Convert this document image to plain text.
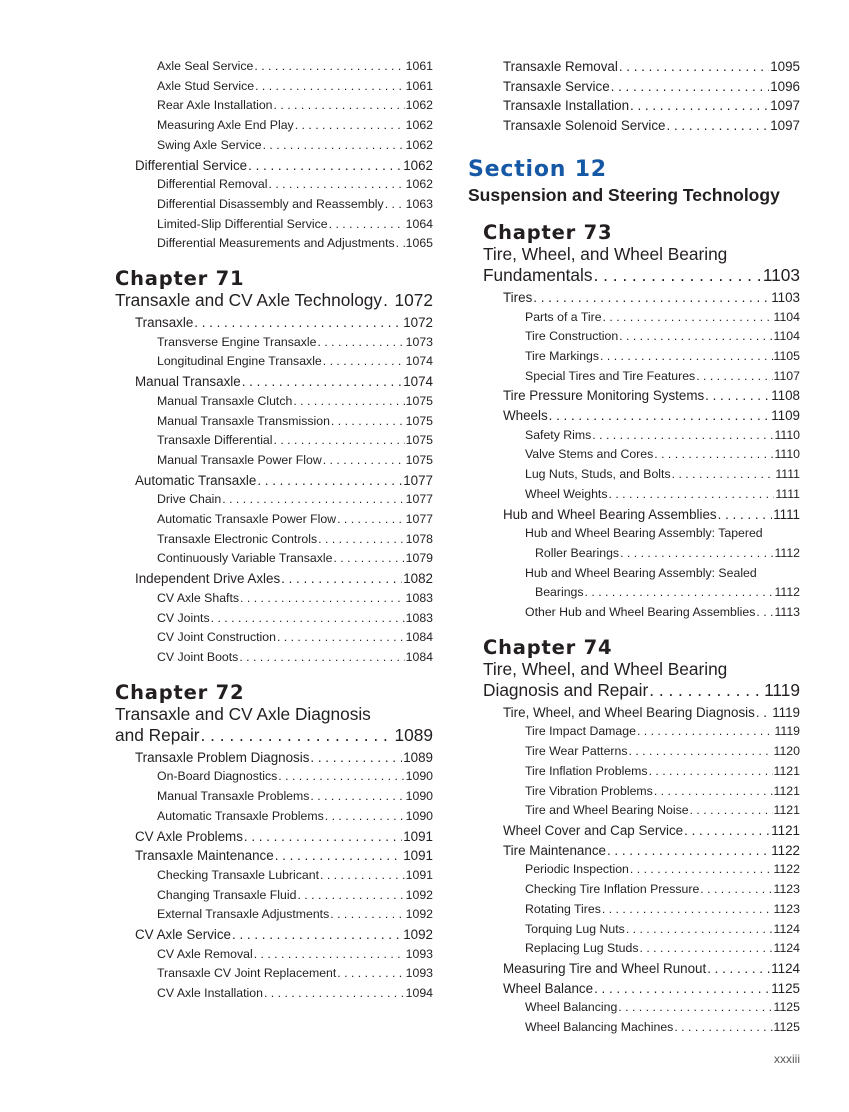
Axle Seal Service . . .	1061
Axle Stud Service . . .	1061
Rear Axle Installation . . .	1062
Measuring Axle End Play . . .	1062
Swing Axle Service . . .	1062
Differential Service . . .	1062
Differential Removal . . .	1062
Differential Disassembly and Reassembly . . . 1063
Limited-Slip Differential Service . . .	1064
Differential Measurements and Adjustments . . . 1065
Chapter 71
Transaxle and CV Axle Technology . . . 1072
Transaxle . . .	1072
Transverse Engine Transaxle . . .	1073
Longitudinal Engine Transaxle . . .	1074
Manual Transaxle . . .	1074
Manual Transaxle Clutch . . .	1075
Manual Transaxle Transmission . . .	1075
Transaxle Differential . . .	1075
Manual Transaxle Power Flow . . .	1075
Automatic Transaxle . . .	1077
Drive Chain . . .	1077
Automatic Transaxle Power Flow . . .	1077
Transaxle Electronic Controls . . .	1078
Continuously Variable Transaxle . . .	1079
Independent Drive Axles . . .	1082
CV Axle Shafts . . .	1083
CV Joints . . .	1083
CV Joint Construction . . .	1084
CV Joint Boots . . .	1084
Chapter 72
Transaxle and CV Axle Diagnosis
and Repair . . .	1089
Transaxle Problem Diagnosis . . .	1089
On-Board Diagnostics . . .	1090
Manual Transaxle Problems . . .	1090
Automatic Transaxle Problems . . .	1090
CV Axle Problems . . .	1091
Transaxle Maintenance . . .	1091
Checking Transaxle Lubricant . . .	1091
Changing Transaxle Fluid . . .	1092
External Transaxle Adjustments . . .	1092
CV Axle Service . . .	1092
CV Axle Removal . . .	1093
Transaxle CV Joint Replacement . . .	1093
CV Axle Installation . . .	1094
Transaxle Removal . . .	1095
Transaxle Service . . .	1096
Transaxle Installation . . .	1097
Transaxle Solenoid Service . . .	1097
Section 12
Suspension and Steering Technology
Chapter 73
Tire, Wheel, and Wheel Bearing
Fundamentals . . .	1103
Tires . . .	1103
Parts of a Tire . . .	1104
Tire Construction . . .	1104
Tire Markings . . .	1105
Special Tires and Tire Features . . .	1107
Tire Pressure Monitoring Systems . . .	1108
Wheels . . .	1109
Safety Rims . . .	1110
Valve Stems and Cores . . .	1110
Lug Nuts, Studs, and Bolts . . .	1111
Wheel Weights . . .	1111
Hub and Wheel Bearing Assemblies . . .	1111
Hub and Wheel Bearing Assembly: Tapered
Roller Bearings . . .	1112
Hub and Wheel Bearing Assembly: Sealed
Bearings . . .	1112
Other Hub and Wheel Bearing Assemblies . . . 1113
Chapter 74
Tire, Wheel, and Wheel Bearing
Diagnosis and Repair . . .	1119
Tire, Wheel, and Wheel Bearing Diagnosis . . . 1119
Tire Impact Damage . . .	1119
Tire Wear Patterns . . .	1120
Tire Inflation Problems . . .	1121
Tire Vibration Problems . . .	1121
Tire and Wheel Bearing Noise . . .	1121
Wheel Cover and Cap Service . . .	1121
Tire Maintenance . . .	1122
Periodic Inspection . . .	1122
Checking Tire Inflation Pressure . . .	1123
Rotating Tires . . .	1123
Torquing Lug Nuts . . .	1124
Replacing Lug Studs . . .	1124
Measuring Tire and Wheel Runout . . .	1124
Wheel Balance . . .	1125
Wheel Balancing . . .	1125
Wheel Balancing Machines . . .	1125
xxxiii
